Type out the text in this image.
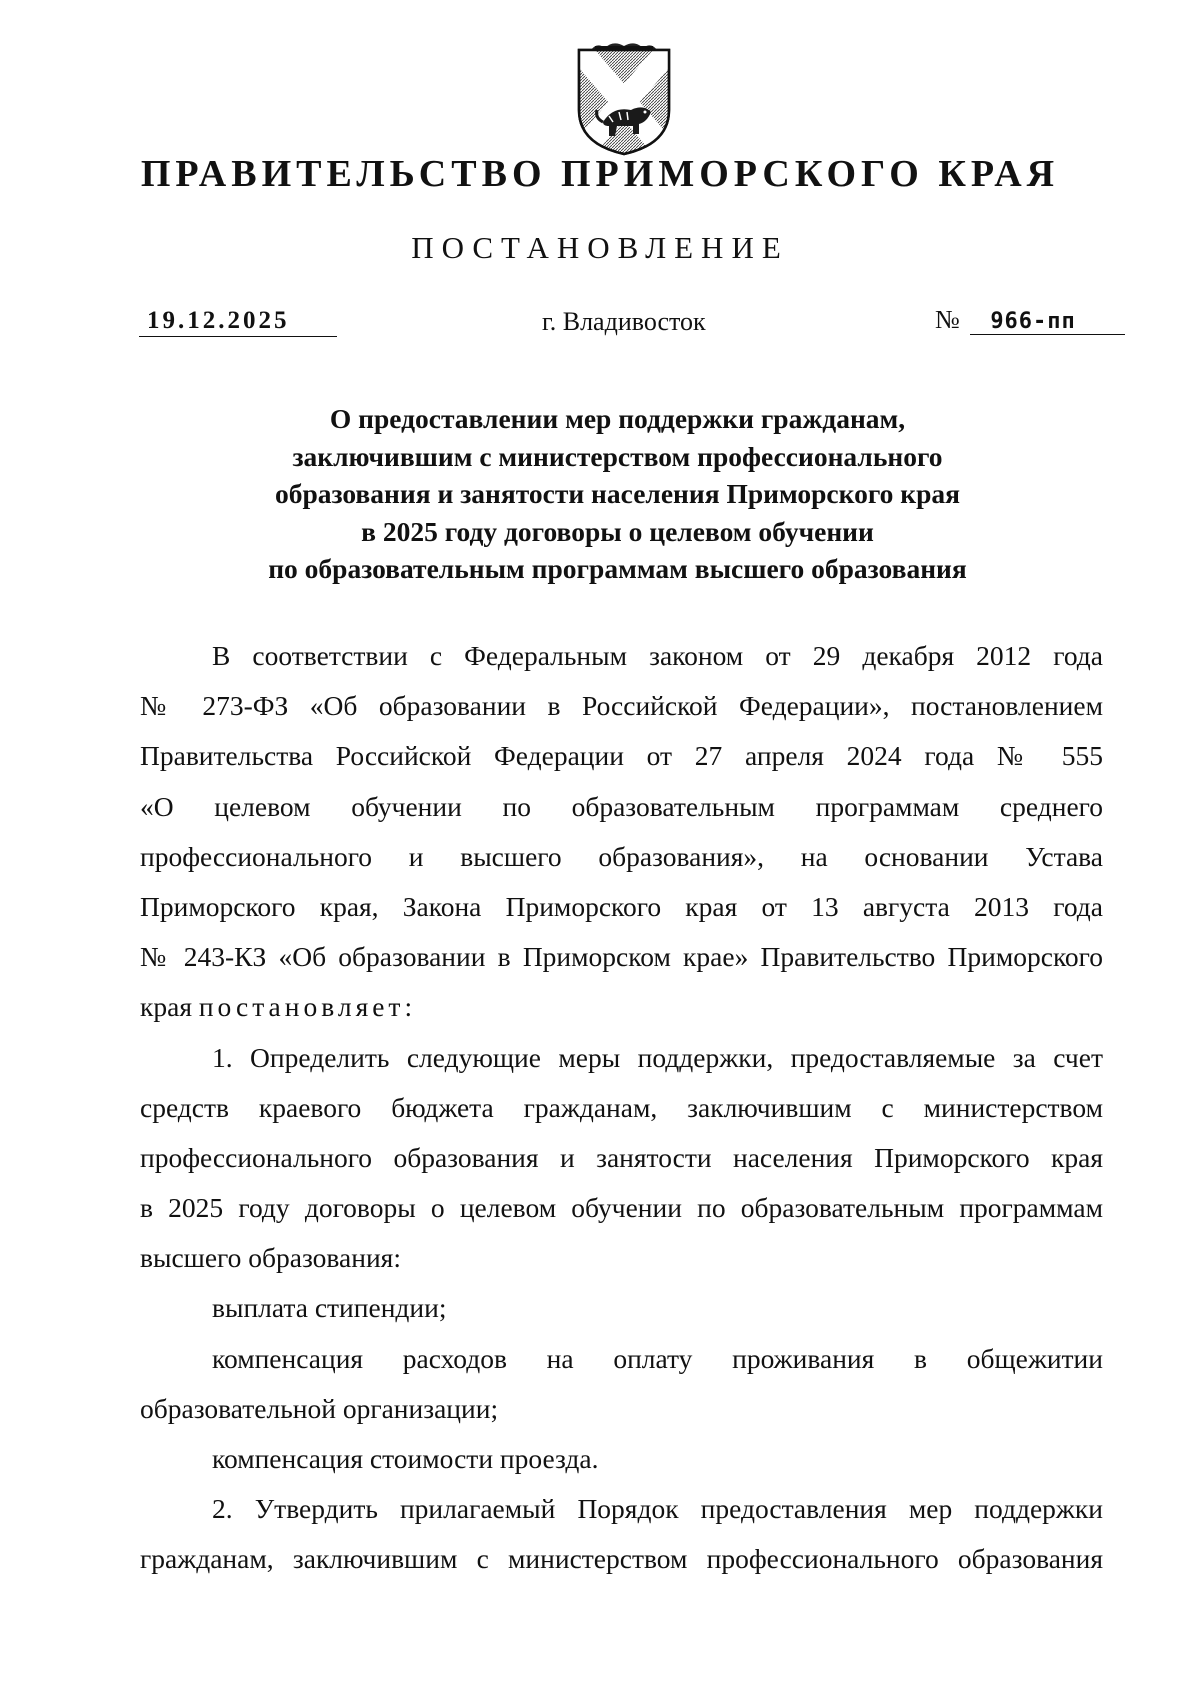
ПРАВИТЕЛЬСТВО ПРИМОРСКОГО КРАЯ
ПОСТАНОВЛЕНИЕ
19.12.2025	г. Владивосток	№ 966-пп
О предоставлении мер поддержки гражданам,
заключившим с министерством профессионального
образования и занятости населения Приморского края
в 2025 году договоры о целевом обучении
по образовательным программам высшего образования
В соответствии с Федеральным законом от 29 декабря 2012 года
№ 273-ФЗ «Об образовании в Российской Федерации», постановлением
Правительства Российской Федерации от 27 апреля 2024 года № 555
«О целевом обучении по образовательным программам среднего
профессионального и высшего образования», на основании Устава
Приморского края, Закона Приморского края от 13 августа 2013 года
№ 243-КЗ «Об образовании в Приморском крае» Правительство Приморского
края постановляет:
1. Определить следующие меры поддержки, предоставляемые за счет
средств краевого бюджета гражданам, заключившим с министерством
профессионального образования и занятости населения Приморского края
в 2025 году договоры о целевом обучении по образовательным программам
высшего образования:
выплата стипендии;
компенсация расходов на оплату проживания в общежитии
образовательной организации;
компенсация стоимости проезда.
2. Утвердить прилагаемый Порядок предоставления мер поддержки
гражданам, заключившим с министерством профессионального образования
